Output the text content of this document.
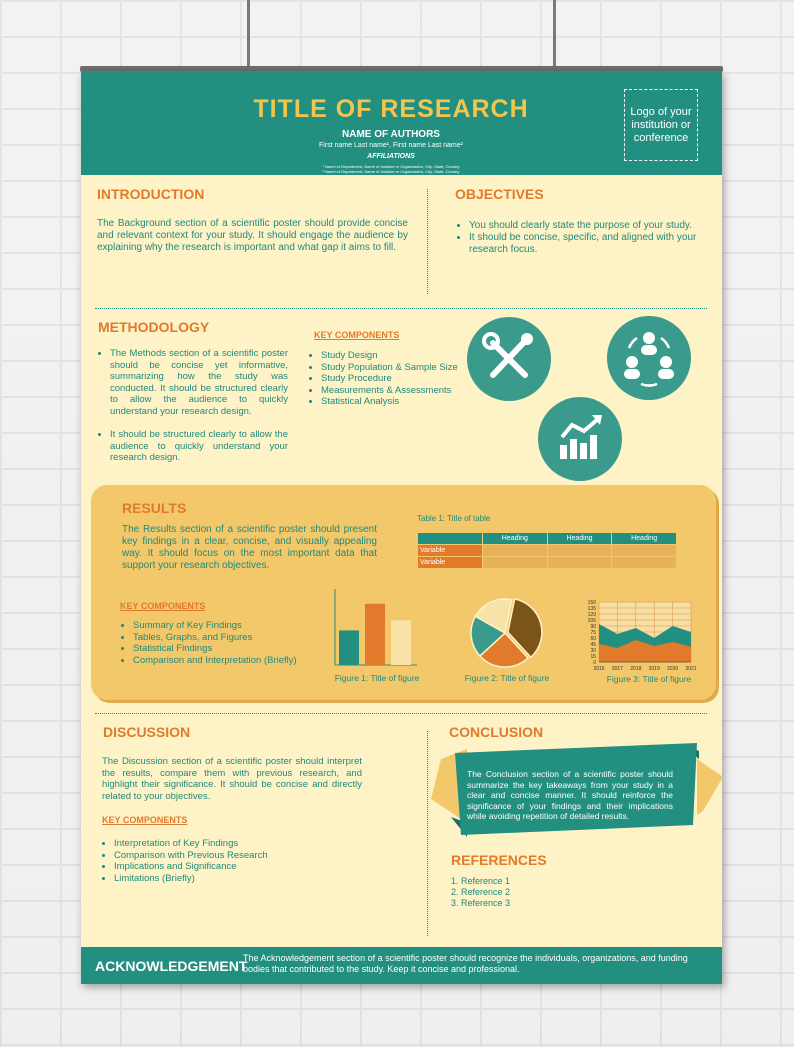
TITLE OF RESEARCH
NAME OF AUTHORS
First name Last name¹, First name Last name²
AFFILIATIONS
¹ Name of Department, Name of Institute or Organization, City, State, Country
² Name of Department, Name of Institute or Organization, City, State, Country
Logo of your institution or conference
INTRODUCTION
The Background section of a scientific poster should provide concise and relevant context for your study. It should engage the audience by explaining why the research is important and what gap it aims to fill.
OBJECTIVES
• You should clearly state the purpose of your study.
• It should be concise, specific, and aligned with your research focus.
METHODOLOGY
• The Methods section of a scientific poster should be concise yet informative, summarizing how the study was conducted. It should be structured clearly to allow the audience to quickly understand your research design.
• It should be structured clearly to allow the audience to quickly understand your research design.
KEY COMPONENTS
• Study Design
• Study Population & Sample Size
• Study Procedure
• Measurements & Assessments
• Statistical Analysis
RESULTS
The Results section of a scientific poster should present key findings in a clear, concise, and visually appealing way. It should focus on the most important data that support your research objectives.
KEY COMPONENTS
• Summary of Key Findings
• Tables, Graphs, and Figures
• Statistical Findings
• Comparison and Interpretation (Briefly)
Table 1: Title of table
	Heading	Heading	Heading
Variable			
Variable			
Figure 1: Title of figure	Figure 2: Title of figure
0
15
30
45
60
75
90
105
120
135
150
2016 2017 2018 2019 2020 2021
Figure 3: Title of figure
DISCUSSION
The Discussion section of a scientific poster should interpret the results, compare them with previous research, and highlight their significance. It should be concise and directly related to your objectives.
KEY COMPONENTS
• Interpretation of Key Findings
• Comparison with Previous Research
• Implications and Significance
• Limitations (Briefly)
CONCLUSION
The Conclusion section of a scientific poster should summarize the key takeaways from your study in a clear and concise manner. It should reinforce the significance of your findings and their implications while avoiding repetition of detailed results.
REFERENCES
1. Reference 1
2. Reference 2
3. Reference 3
ACKNOWLEDGEMENT
The Acknowledgement section of a scientific poster should recognize the individuals, organizations, and funding bodies that contributed to the study. Keep it concise and professional.
